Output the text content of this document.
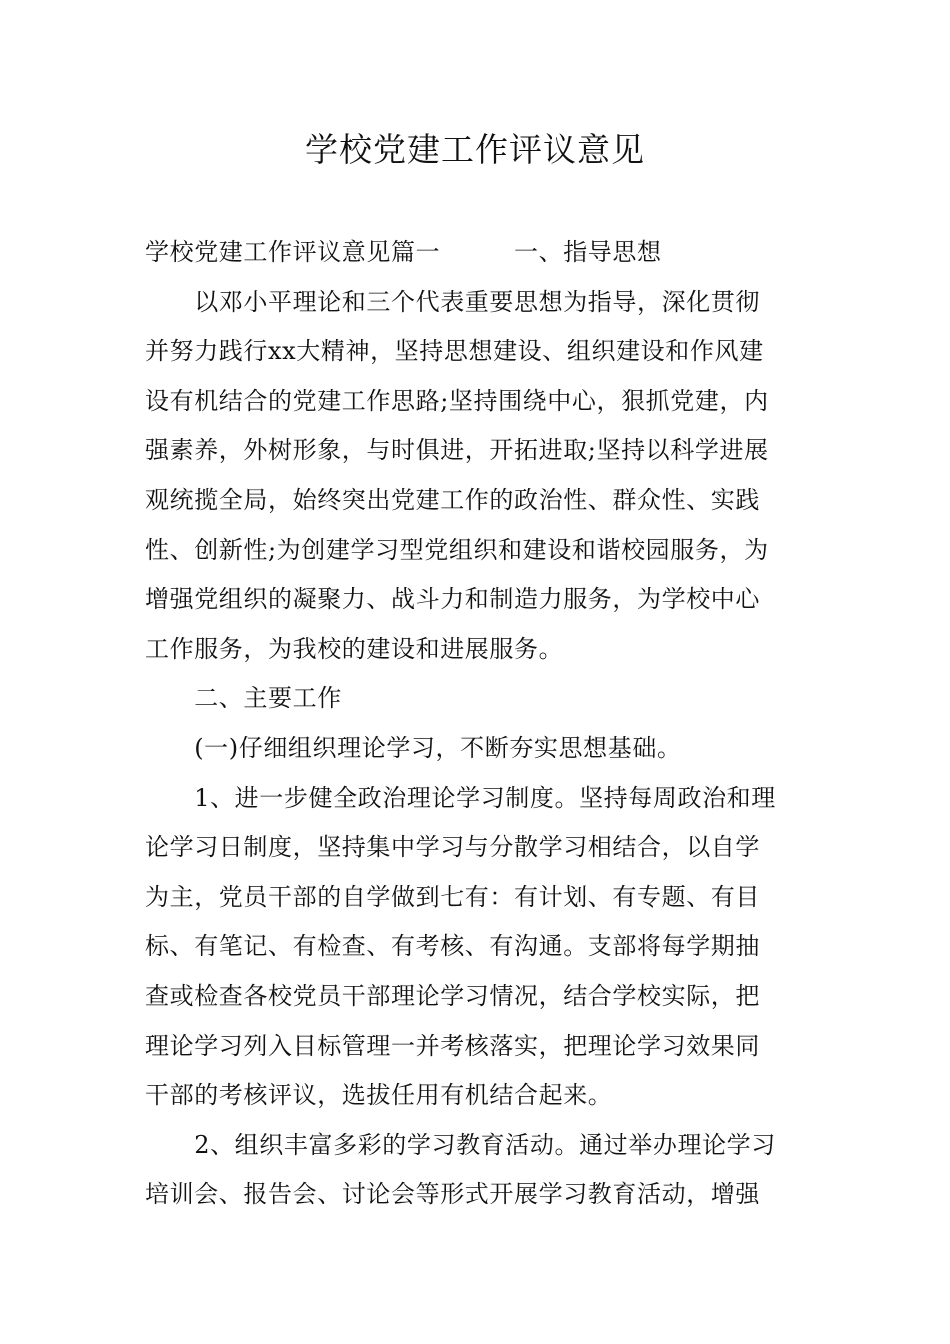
学校党建工作评议意见
学校党建工作评议意见篇一　　　一、指导思想
　　以邓小平理论和三个代表重要思想为指导，深化贯彻
并努力践行xx大精神，坚持思想建设、组织建设和作风建
设有机结合的党建工作思路;坚持围绕中心，狠抓党建，内
强素养，外树形象，与时俱进，开拓进取;坚持以科学进展
观统揽全局，始终突出党建工作的政治性、群众性、实践
性、创新性;为创建学习型党组织和建设和谐校园服务，为
增强党组织的凝聚力、战斗力和制造力服务，为学校中心
工作服务，为我校的建设和进展服务。
　　二、主要工作
　　(一)仔细组织理论学习，不断夯实思想基础。
　　1、进一步健全政治理论学习制度。坚持每周政治和理
论学习日制度，坚持集中学习与分散学习相结合，以自学
为主，党员干部的自学做到七有：有计划、有专题、有目
标、有笔记、有检查、有考核、有沟通。支部将每学期抽
查或检查各校党员干部理论学习情况，结合学校实际，把
理论学习列入目标管理一并考核落实，把理论学习效果同
干部的考核评议，选拔任用有机结合起来。
　　2、组织丰富多彩的学习教育活动。通过举办理论学习
培训会、报告会、讨论会等形式开展学习教育活动，增强
